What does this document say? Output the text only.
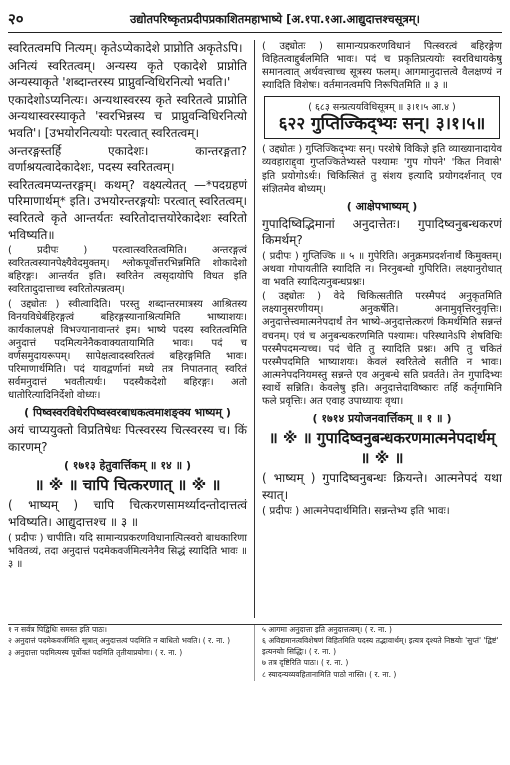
२०	उद्योतपरिष्कृतप्रदीपप्रकाशितमहाभाष्ये [अ.१पा.१आ.आद्युदात्तश्चसूत्रम्।

स्वरितत्वमपि नित्यम्। कृतेऽप्येकादेशे प्राप्नोति अकृतेऽपि।

अनित्यं स्वरितत्वम्। अन्यस्य कृते एकादेशे प्राप्नोति अन्यस्याकृते 'शब्दान्तरस्य प्राप्नुवन्विधिरनित्यो भवति।'

एकादेशोऽप्यनित्यः। अन्यथास्वरस्य कृते स्वरितत्वे प्राप्नोति अन्यथास्वरस्याकृते 'स्वरभिन्नस्य च प्राप्नुवन्विधिरनित्यो भवति'। [उभयोरनित्ययोः परत्वात् स्वरितत्वम्।

अन्तरङ्गस्तर्हि एकादेशः। कान्तरङ्गता? वर्णाश्रयत्वादेकादेशः, पदस्य स्वरितत्वम्।

स्वरितत्वमप्यन्तरङ्गम्। कथम्? वक्ष्यत्येतत् —*पदग्रहणं परिमाणार्थम्* इति। उभयोरन्तरङ्गयोः परत्वात् स्वरितत्वम्। स्वरितत्वे कृते आन्तर्यतः स्वरितोदात्तयोरेकादेशः स्वरितो भविष्यति॥

( प्रदीपः ) परत्वात्स्वरितत्वमिति। अन्तरङ्गत्वं स्वरितत्वस्यानपेक्ष्यैवेदमुक्तम्। श्लोकपूर्वोत्तरभिन्नमिति शोकादेशो बहिरङ्गः। आन्तर्यत इति। स्वरितेन त्वसृदायोपि विधत इति स्वरितादुदात्ताच्च स्वरितोत्पन्नत्वम्।

( उद्द्योतः ) स्वीत्वादिति। परस्तु शब्दान्तरमात्रस्य आश्रितस्य विनयविधेर्बहिरङ्गत्वं बहिरङ्गस्यानाश्रित्यमिति भाष्याशयः। कार्यकालपक्षे विभज्यानावान्तरं इम। भाष्ये पदस्य स्वरितत्वमिति अनुदात्तं पदमित्यनेनैकवाक्यतायामिति भावः। पदं च वर्णसमुदायरूपम्। सापेक्षत्वादस्वरितत्वं बहिरङ्गमिति भावः। परिमाणार्थमिति। पदं यावद्वर्णानां मध्ये तत्र निपातनात् स्वरितं सर्वमनुदात्तं भवतीत्यर्थः। पदस्यैकदेशो बहिरङ्गः। अतो धातोरित्यादिनिर्देशो वोध्यः।

( पिष्वस्वरविधेरपिष्वस्वरबाधकत्वमाशङ्क्य भाष्यम् )

अयं चाप्ययुक्तो विप्रतिषेधः पित्स्वरस्य चित्स्वरस्य च। किं कारणम्?

( १७१३ हेतुवार्त्तिकम् ॥ १४ ॥ )
॥ ※ ॥ चापि चित्करणात् ॥ ※ ॥

( भाष्यम् ) चापि चित्करणसामर्थ्यादन्तोदात्तत्वं भविष्यति। आद्युदात्तश्च ॥ ३ ॥

( प्रदीपः ) चापीति। यदि सामान्यप्रकरणविधानात्पित्स्वरो बाधकारिणा भवितव्यं, तदा अनुदात्तं पदमेकवर्जमित्यनेनैव सिद्धं स्यादिति भावः ॥ ३ ॥

( उद्द्योतः ) सामान्यप्रकरणविधानं पित्स्वरत्वं बहिरङ्गेण विहितत्वाद्दुर्बलमिति भावः। पदं च प्रकृतिप्रत्ययोः स्वरविधायकेषु समानत्वात् अर्थवत्त्वाच्च सूत्रस्य फलम्। आगमानुदात्तत्वे वैलक्षण्यं न स्यादिति विशेषः। वर्तमानत्वमपि निरूपितमिति ॥ ३ ॥

( ६८३ सन्प्रत्ययविधिसूत्रम् ॥ ३।१।५ आ.४ )
६२२ गुप्तिज्किद्भ्यः सन्। ३।१।५॥

( उद्द्योतः ) गुप्तिज्किद्भ्यः सन्। परशेषे विकिज्ञे इति व्याख्यानादायेव व्यवहाराद्द्वा गुप्तज्कितेभ्यस्ते पश्यामः 'गुप गोपने' 'कित निवासे' इति प्रयोगोऽर्थः। चिकित्सितं तु संशय इत्यादि प्रयोगदर्शनात् एव संज्ञितमेव बोध्यम्।

( आक्षेपभाष्यम् )

गुपादिष्विद्भिमानां अनुदात्तेतः। गुपादिष्वनुबन्धकरणं किमर्थम्?

( प्रदीपः ) गुप्तिज्कि ॥ ५ ॥ गुपेरिति। अनुक्रमप्रदर्शनार्थं किमुक्तम्। अथवा गोपायतीति स्यादिति न। निरनुबन्धो गुपिरिति। लक्ष्यानुरोधात् वा भवति स्यादित्यनुबन्धप्रश्नः।

( उद्द्योतः ) वेदे चिकित्सतीति परस्मैपदं अनुकृतमिति लक्ष्यानुसरणीयम्। अनुकर्षेति। अनामुवृत्तिरनुवृत्तिः। अनुदात्तेत्त्वमात्मनेपदार्थं तेन भाष्ये-अनुदात्तेत्करणं किमर्थमिति सन्नन्तं वचनम्। एवं च अनुबन्धकरणमिति पश्यामः। परिस्थानेऽपि शेषविधिः परस्मैपदमन्यच्च। पदं चेति तु स्यादिति प्रश्नः। अपि तु चकितं परस्मैपदमिति भाष्याशयः। केवलं स्वरितेत्वे सतीति न भावः। आत्मनेपदनियमस्तु सन्नन्ते एव अनुबन्धे सति प्रवर्तते। तेन गुपादिभ्यः स्वार्थे सन्निति। केवलेषु इति। अनुदात्तेदाविष्कारः तर्हि कर्तृगामिनि फले प्रवृत्तिः। अत एवाह उपाध्यायः वृथा।

( १७१४ प्रयोजनवार्त्तिकम् ॥ १ ॥ )
॥ ※ ॥ गुपादिष्वनुबन्धकरणमात्मनेपदार्थम् ॥ ※ ॥

( भाष्यम् ) गुपादिष्वनुबन्धः क्रियन्ते। आत्मनेपदं यथा स्यात्।

( प्रदीपः ) आत्मनेपदार्थमिति। सन्नन्तेभ्य इति भावः।

१ न सर्वत्र पिद्विधिः समस्त इति पाठः।
२ अनुदात्तं पदमेकवर्जमिति सूत्रात् अनुदात्तत्वं पदमिति न बाधितो भवति। ( र. ना. )
३ अनुदात्ता पदमित्यस्य पूर्वोक्तं पदमिति तृतीयाप्रयोगः। ( र. ना. )
५ आगमा अनुदात्ता इति अनुदात्तत्वम्। ( र. ना. )
६ अविद्यमानत्वविशेषणं विहितमिति पदस्य तद्भावार्थम्। इत्यत्र दृश्यते निष्ठयोः 'सुप्तं' 'द्विष्टं' इत्यनयोः सिद्धिः। ( र. ना. )
७ तत्र दृष्टिरिति पाठः। ( र. ना. )
८ स्यादन्यव्यवहितानामिति पाठो नास्ति। ( र. ना. )
